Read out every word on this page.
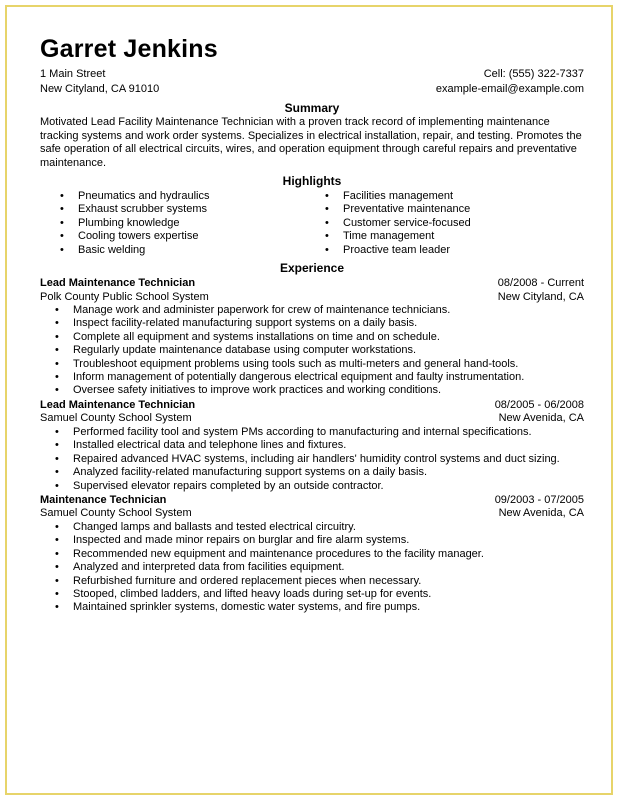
Garret Jenkins
1 Main Street	Cell: (555) 322-7337
New Cityland, CA 91010	example-email@example.com
Summary

Motivated Lead Facility Maintenance Technician with a proven track record of implementing maintenance tracking systems and work order systems. Specializes in electrical installation, repair, and testing. Promotes the safe operation of all electrical circuits, wires, and operation equipment through careful repairs and preventative maintenance.

Highlights
• Pneumatics and hydraulics
• Exhaust scrubber systems
• Plumbing knowledge
• Cooling towers expertise
• Basic welding
• Facilities management
• Preventative maintenance
• Customer service-focused
• Time management
• Proactive team leader
Experience
Lead Maintenance Technician	08/2008 - Current
Polk County Public School System	New Cityland, CA
• Manage work and administer paperwork for crew of maintenance technicians.
• Inspect facility-related manufacturing support systems on a daily basis.
• Complete all equipment and systems installations on time and on schedule.
• Regularly update maintenance database using computer workstations.
• Troubleshoot equipment problems using tools such as multi-meters and general hand-tools.
• Inform management of potentially dangerous electrical equipment and faulty instrumentation.
• Oversee safety initiatives to improve work practices and working conditions.
Lead Maintenance Technician	08/2005 - 06/2008
Samuel County School System	New Avenida, CA
• Performed facility tool and system PMs according to manufacturing and internal specifications.
• Installed electrical data and telephone lines and fixtures.
• Repaired advanced HVAC systems, including air handlers' humidity control systems and duct sizing.
• Analyzed facility-related manufacturing support systems on a daily basis.
• Supervised elevator repairs completed by an outside contractor.
Maintenance Technician	09/2003 - 07/2005
Samuel County School System	New Avenida, CA
• Changed lamps and ballasts and tested electrical circuitry.
• Inspected and made minor repairs on burglar and fire alarm systems.
• Recommended new equipment and maintenance procedures to the facility manager.
• Analyzed and interpreted data from facilities equipment.
• Refurbished furniture and ordered replacement pieces when necessary.
• Stooped, climbed ladders, and lifted heavy loads during set-up for events.
• Maintained sprinkler systems, domestic water systems, and fire pumps.
